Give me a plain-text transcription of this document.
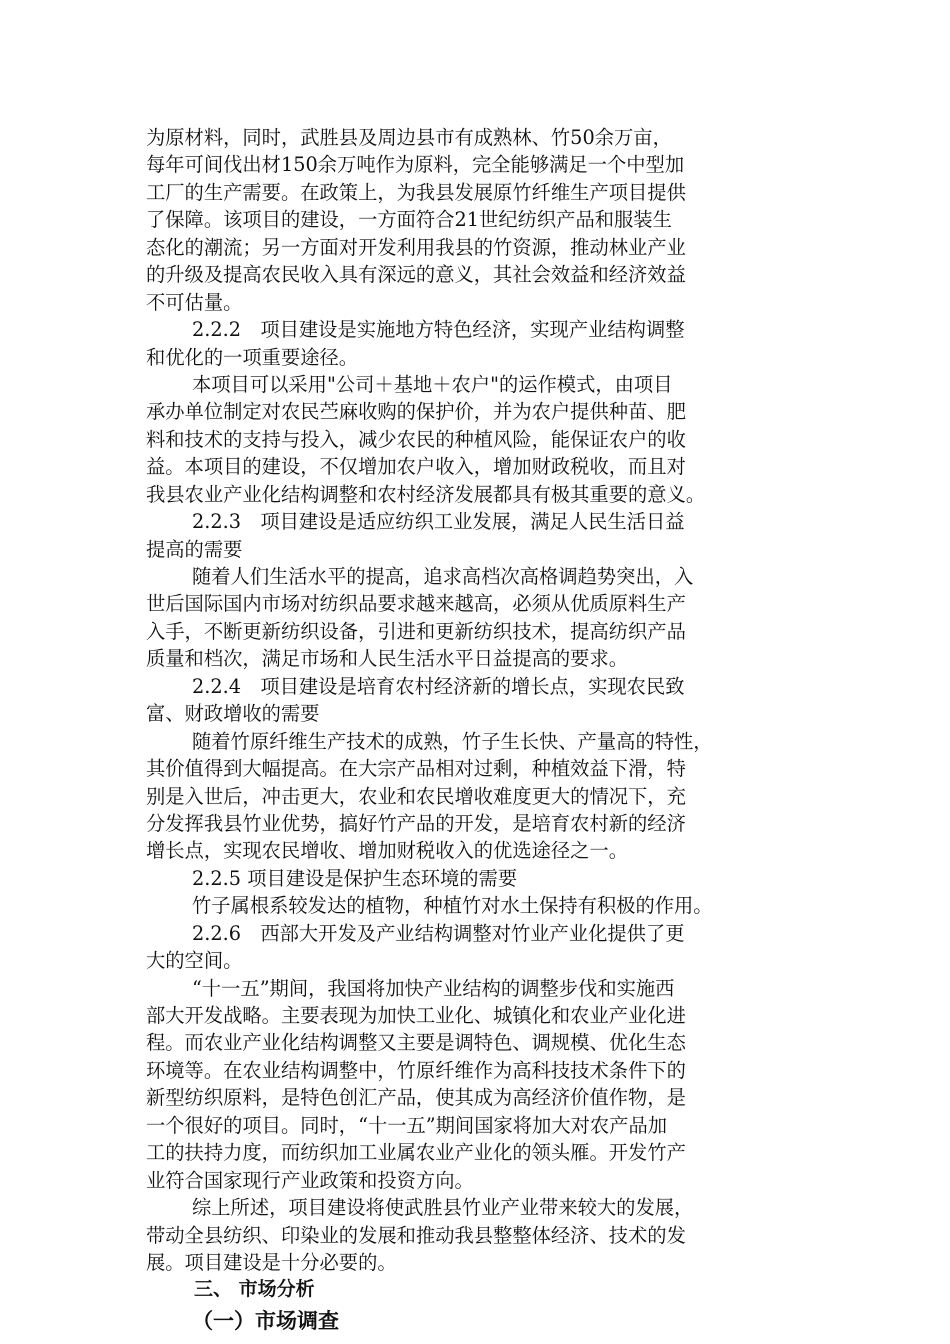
为原材料，同时，武胜县及周边县市有成熟林、竹50余万亩，
每年可间伐出材150余万吨作为原料，完全能够满足一个中型加
工厂的生产需要。在政策上，为我县发展原竹纤维生产项目提供
了保障。该项目的建设，一方面符合21世纪纺织产品和服装生
态化的潮流；另一方面对开发利用我县的竹资源，推动林业产业
的升级及提高农民收入具有深远的意义，其社会效益和经济效益
不可估量。
2.2.2　项目建设是实施地方特色经济，实现产业结构调整
和优化的一项重要途径。
本项目可以采用"公司＋基地＋农户"的运作模式，由项目
承办单位制定对农民苎麻收购的保护价，并为农户提供种苗、肥
料和技术的支持与投入，减少农民的种植风险，能保证农户的收
益。本项目的建设，不仅增加农户收入，增加财政税收，而且对
我县农业产业化结构调整和农村经济发展都具有极其重要的意义。
2.2.3　项目建设是适应纺织工业发展，满足人民生活日益
提高的需要
随着人们生活水平的提高，追求高档次高格调趋势突出，入
世后国际国内市场对纺织品要求越来越高，必须从优质原料生产
入手，不断更新纺织设备，引进和更新纺织技术，提高纺织产品
质量和档次，满足市场和人民生活水平日益提高的要求。
2.2.4　项目建设是培育农村经济新的增长点，实现农民致
富、财政增收的需要
随着竹原纤维生产技术的成熟，竹子生长快、产量高的特性，
其价值得到大幅提高。在大宗产品相对过剩，种植效益下滑，特
别是入世后，冲击更大，农业和农民增收难度更大的情况下，充
分发挥我县竹业优势，搞好竹产品的开发，是培育农村新的经济
增长点，实现农民增收、增加财税收入的优选途径之一。
2.2.5 项目建设是保护生态环境的需要
竹子属根系较发达的植物，种植竹对水土保持有积极的作用。
2.2.6　西部大开发及产业结构调整对竹业产业化提供了更
大的空间。
“十一五”期间，我国将加快产业结构的调整步伐和实施西
部大开发战略。主要表现为加快工业化、城镇化和农业产业化进
程。而农业产业化结构调整又主要是调特色、调规模、优化生态
环境等。在农业结构调整中，竹原纤维作为高科技技术条件下的
新型纺织原料，是特色创汇产品，使其成为高经济价值作物，是
一个很好的项目。同时，“十一五”期间国家将加大对农产品加
工的扶持力度，而纺织加工业属农业产业化的领头雁。开发竹产
业符合国家现行产业政策和投资方向。
综上所述，项目建设将使武胜县竹业产业带来较大的发展，
带动全县纺织、印染业的发展和推动我县整整体经济、技术的发
展。项目建设是十分必要的。
三、 市场分析
（一）市场调查
